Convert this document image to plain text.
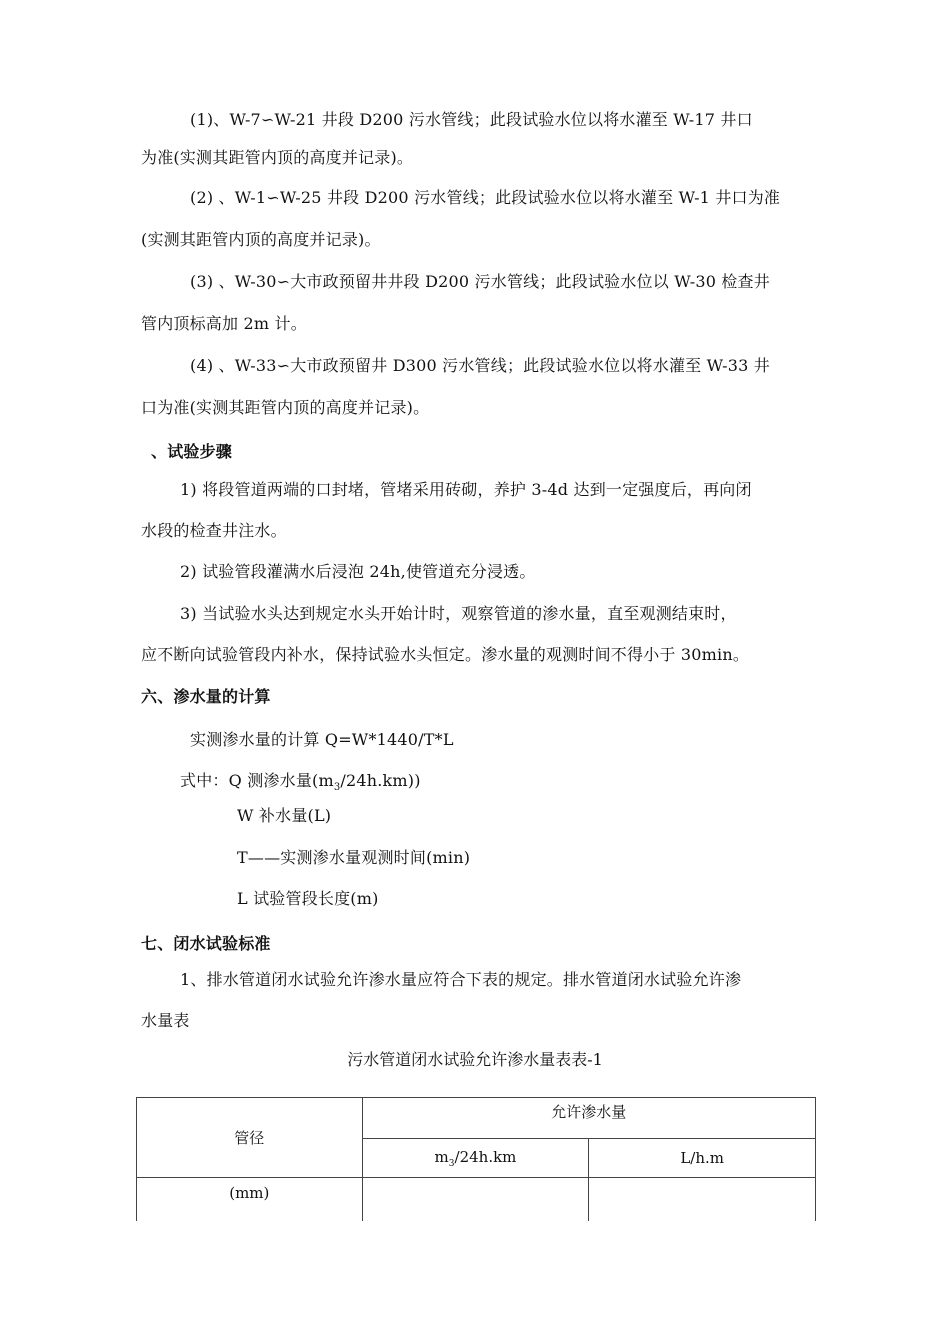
(1)、W-7∽W-21 井段 D200 污水管线；此段试验水位以将水灌至 W-17 井口
为准(实测其距管内顶的高度并记录)。
(2) 、W-1∽W-25 井段 D200 污水管线；此段试验水位以将水灌至 W-1 井口为准
(实测其距管内顶的高度并记录)。
(3) 、W-30∽大市政预留井井段 D200 污水管线；此段试验水位以 W-30 检查井
管内顶标高加 2m 计。
(4) 、W-33∽大市政预留井 D300 污水管线；此段试验水位以将水灌至 W-33 井
口为准(实测其距管内顶的高度并记录)。
、试验步骤
1) 将段管道两端的口封堵，管堵采用砖砌，养护 3-4d 达到一定强度后，再向闭
水段的检查井注水。
2) 试验管段灌满水后浸泡 24h,使管道充分浸透。
3) 当试验水头达到规定水头开始计时，观察管道的渗水量，直至观测结束时，
应不断向试验管段内补水，保持试验水头恒定。渗水量的观测时间不得小于 30min。
六、渗水量的计算
实测渗水量的计算 Q=W*1440/T*L
式中：Q 测渗水量$(m_3/24h.km)$)
W 补水量(L)
T——实测渗水量观测时间(min)
L 试验管段长度(m)
七、闭水试验标准
1、排水管道闭水试验允许渗水量应符合下表的规定。排水管道闭水试验允许渗
水量表
污水管道闭水试验允许渗水量表表-1
管径	允许渗水量	
	$m_3/24h.km$	L/h.m
(mm)		
